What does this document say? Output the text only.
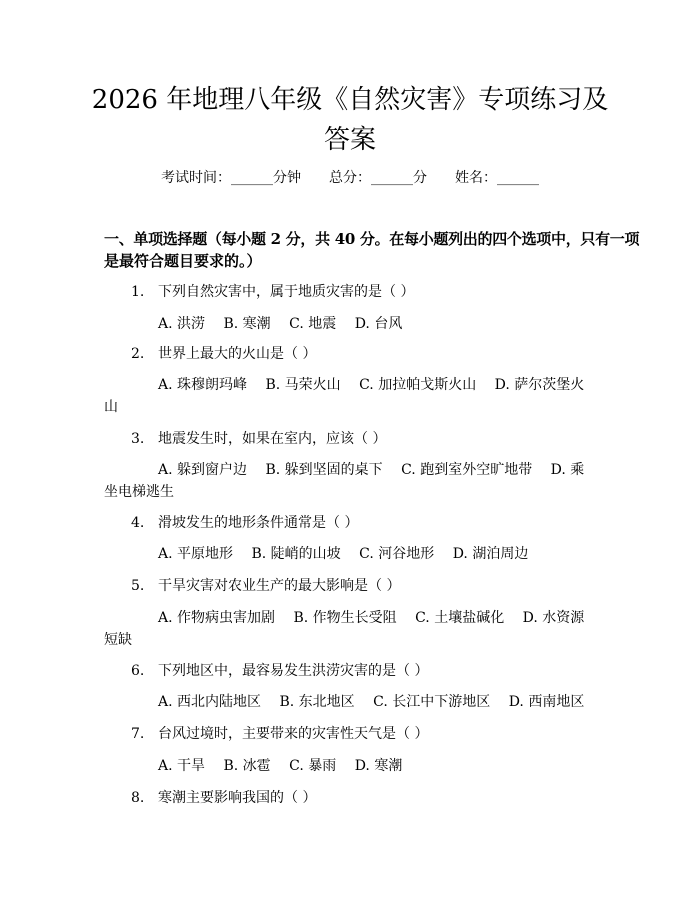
2026 年地理八年级《自然灾害》专项练习及
答案
考试时间：______分钟 总分：______分 姓名：______
一、单项选择题（每小题 2 分，共 40 分。在每小题列出的四个选项中，只有一项
是最符合题目要求的。）
1. 下列自然灾害中，属于地质灾害的是（ ）
A. 洪涝 B. 寒潮 C. 地震 D. 台风
2. 世界上最大的火山是（ ）
A. 珠穆朗玛峰　 B. 马荣火山　 C. 加拉帕戈斯火山　 D. 萨尔茨堡火
山
3. 地震发生时，如果在室内，应该（ ）
A. 躲到窗户边　 B. 躲到坚固的桌下　 C. 跑到室外空旷地带　 D. 乘
坐电梯逃生
4. 滑坡发生的地形条件通常是（ ）
A. 平原地形 B. 陡峭的山坡 C. 河谷地形 D. 湖泊周边
5. 干旱灾害对农业生产的最大影响是（ ）
A. 作物病虫害加剧　 B. 作物生长受阻　 C. 土壤盐碱化　 D. 水资源
短缺
6. 下列地区中，最容易发生洪涝灾害的是（ ）
A. 西北内陆地区 B. 东北地区 C. 长江中下游地区 D. 西南地区
7. 台风过境时，主要带来的灾害性天气是（ ）
A. 干旱 B. 冰雹 C. 暴雨 D. 寒潮
8. 寒潮主要影响我国的（ ）
